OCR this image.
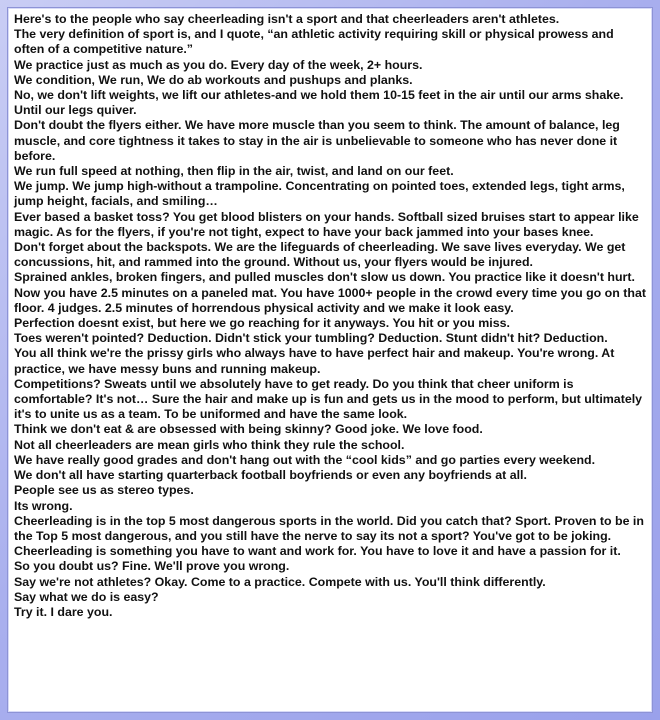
Here's to the people who say cheerleading isn't a sport and that cheerleaders aren't athletes.
The very definition of sport is, and I quote, “an athletic activity requiring skill or physical prowess and often of a competitive nature.”
We practice just as much as you do. Every day of the week, 2+ hours.
We condition, We run, We do ab workouts and pushups and planks.
No, we don't lift weights, we lift our athletes-and we hold them 10-15 feet in the air until our arms shake. Until our legs quiver.
Don't doubt the flyers either. We have more muscle than you seem to think. The amount of balance, leg muscle, and core tightness it takes to stay in the air is unbelievable to someone who has never done it before.
We run full speed at nothing, then flip in the air, twist, and land on our feet.
We jump. We jump high-without a trampoline. Concentrating on pointed toes, extended legs, tight arms, jump height, facials, and smiling…
Ever based a basket toss? You get blood blisters on your hands. Softball sized bruises start to appear like magic. As for the flyers, if you're not tight, expect to have your back jammed into your bases knee.
Don't forget about the backspots. We are the lifeguards of cheerleading. We save lives everyday. We get concussions, hit, and rammed into the ground. Without us, your flyers would be injured.
Sprained ankles, broken fingers, and pulled muscles don't slow us down. You practice like it doesn't hurt.
Now you have 2.5 minutes on a paneled mat. You have 1000+ people in the crowd every time you go on that floor. 4 judges. 2.5 minutes of horrendous physical activity and we make it look easy.
Perfection doesnt exist, but here we go reaching for it anyways. You hit or you miss.
Toes weren't pointed? Deduction. Didn't stick your tumbling? Deduction. Stunt didn't hit? Deduction.
You all think we're the prissy girls who always have to have perfect hair and makeup. You're wrong. At practice, we have messy buns and running makeup.
Competitions? Sweats until we absolutely have to get ready. Do you think that cheer uniform is comfortable? It's not… Sure the hair and make up is fun and gets us in the mood to perform, but ultimately it's to unite us as a team. To be uniformed and have the same look.
Think we don't eat & are obsessed with being skinny? Good joke. We love food.
Not all cheerleaders are mean girls who think they rule the school.
We have really good grades and don't hang out with the “cool kids” and go parties every weekend.
We don't all have starting quarterback football boyfriends or even any boyfriends at all.
People see us as stereo types.
Its wrong.
Cheerleading is in the top 5 most dangerous sports in the world. Did you catch that? Sport. Proven to be in the Top 5 most dangerous, and you still have the nerve to say its not a sport? You've got to be joking.
Cheerleading is something you have to want and work for. You have to love it and have a passion for it.
So you doubt us? Fine. We'll prove you wrong.
Say we're not athletes? Okay. Come to a practice. Compete with us. You'll think differently.
Say what we do is easy?
Try it. I dare you.
